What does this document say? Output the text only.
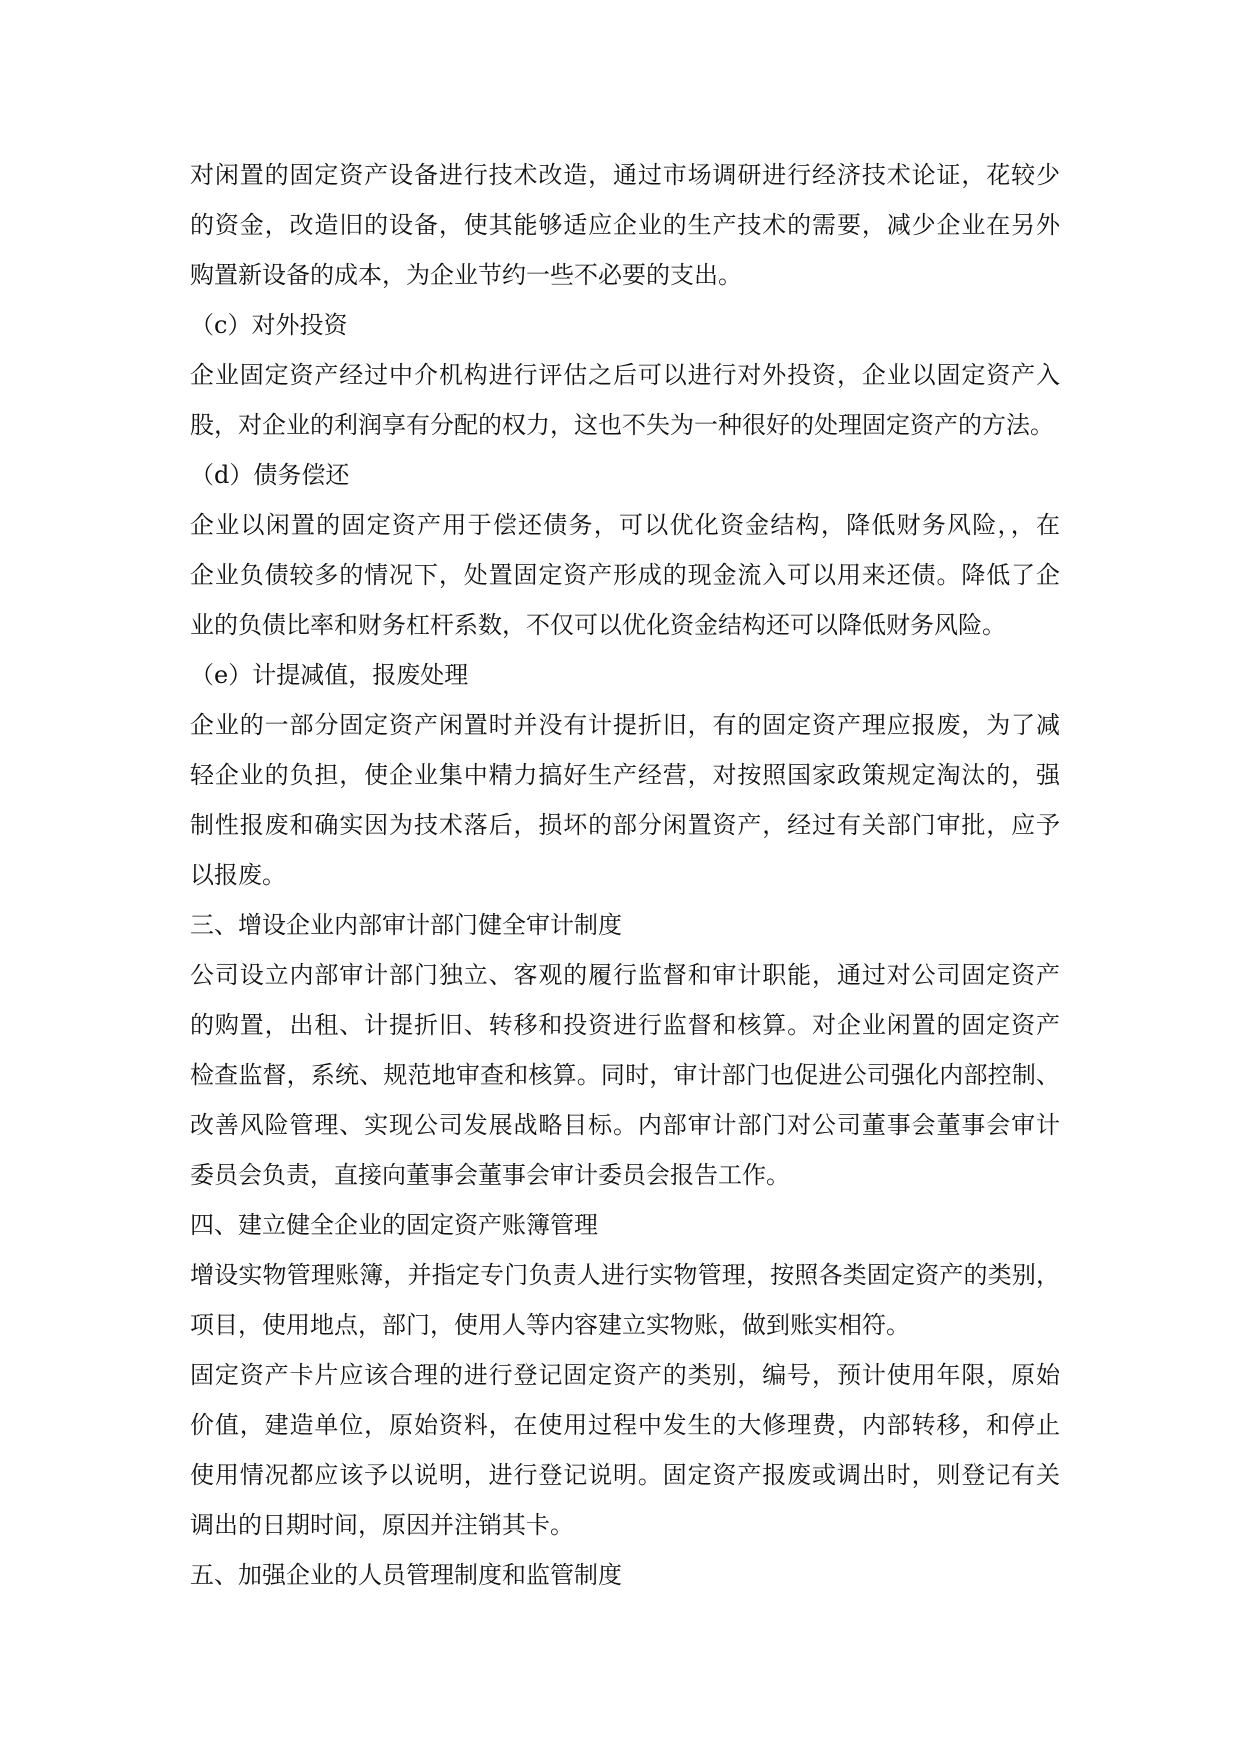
对闲置的固定资产设备进行技术改造，通过市场调研进行经济技术论证，花较少
的资金，改造旧的设备，使其能够适应企业的生产技术的需要，减少企业在另外
购置新设备的成本，为企业节约一些不必要的支出。
（c）对外投资
企业固定资产经过中介机构进行评估之后可以进行对外投资，企业以固定资产入
股，对企业的利润享有分配的权力，这也不失为一种很好的处理固定资产的方法。
（d）债务偿还
企业以闲置的固定资产用于偿还债务，可以优化资金结构，降低财务风险，，在
企业负债较多的情况下，处置固定资产形成的现金流入可以用来还债。降低了企
业的负债比率和财务杠杆系数，不仅可以优化资金结构还可以降低财务风险。
（e）计提减值，报废处理
企业的一部分固定资产闲置时并没有计提折旧，有的固定资产理应报废，为了减
轻企业的负担，使企业集中精力搞好生产经营，对按照国家政策规定淘汰的，强
制性报废和确实因为技术落后，损坏的部分闲置资产，经过有关部门审批，应予
以报废。
三、增设企业内部审计部门健全审计制度
公司设立内部审计部门独立、客观的履行监督和审计职能，通过对公司固定资产
的购置，出租、计提折旧、转移和投资进行监督和核算。对企业闲置的固定资产
检查监督，系统、规范地审查和核算。同时，审计部门也促进公司强化内部控制、
改善风险管理、实现公司发展战略目标。内部审计部门对公司董事会董事会审计
委员会负责，直接向董事会董事会审计委员会报告工作。
四、建立健全企业的固定资产账簿管理
增设实物管理账簿，并指定专门负责人进行实物管理，按照各类固定资产的类别，
项目，使用地点，部门，使用人等内容建立实物账，做到账实相符。
固定资产卡片应该合理的进行登记固定资产的类别，编号，预计使用年限，原始
价值，建造单位，原始资料，在使用过程中发生的大修理费，内部转移，和停止
使用情况都应该予以说明，进行登记说明。固定资产报废或调出时，则登记有关
调出的日期时间，原因并注销其卡。
五、加强企业的人员管理制度和监管制度
